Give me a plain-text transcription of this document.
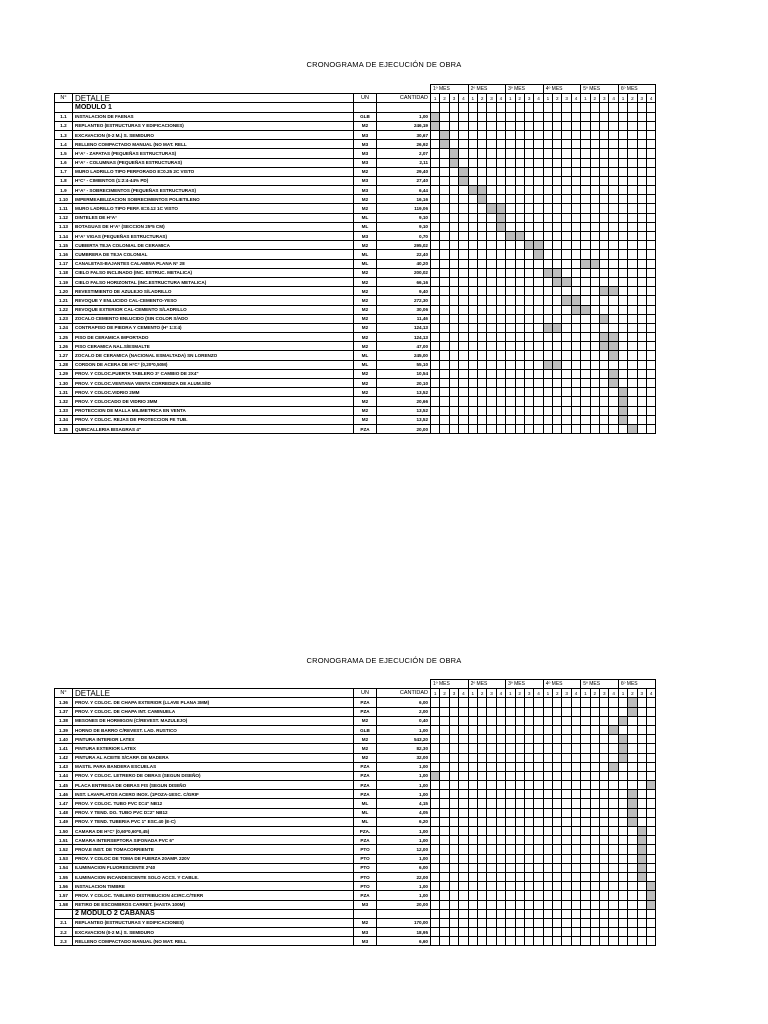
CRONOGRAMA DE EJECUCIÓN DE OBRA
				1º MES				2º MES				3º MES				4º MES				5º MES				6º MES			
N°	DETALLE	UN	CANTIDAD	1	2	3	4	1	2	3	4	1	2	3	4	1	2	3	4	1	2	3	4	1	2	3	4
	MODULO 1																										
1.1	INSTALACION DE FAENAS	GLB	1,00																								
1.2	REPLANTEO (ESTRUCTURAS Y EDIFICACIONES)	M2	246,19																								
1.3	EXCAVACION (0-2 M.) S. SEMIDURO	M3	30,67																								
1.4	RELLENO COMPACTADO MANUAL (NO MAT. RELL	M3	26,92																								
1.5	H°A° - ZAPATAS (PEQUEÑAS ESTRUCTURAS)	M3	2,07																								
1.6	H°A° - COLUMNAS (PEQUEÑAS ESTRUCTURAS)	M3	2,11																								
1.7	MURO LADRILLO TIPO PERFORADO E=0.25 2C VISTO	M2	29,40																								
1.8	H°C° - CIMIENTOS (1:2:4-44% PD)	M3	27,40																								
1.9	H°A° - SOBRECIMENTOS (PEQUEÑAS ESTRUCTURAS)	M3	6,44																								
1.10	IMPERMEABILIZACION SOBRECIMENTOS POLIETILENO	M2	16,16																								
1.11	MURO LADRILLO TIPO PERF. E=0.12 1C VISTO	M2	119,06																								
1.12	DINTELES DE H°A°	ML	9,10																								
1.13	BOTAGUAS DE H°A° (SECCION 25*5 CM)	ML	9,10																								
1.14	H°A° VIGAS (PEQUEÑAS ESTRUCTURAS)	M3	0,70																								
1.15	CUBIERTA TEJA COLONIAL DE CERAMICA	M2	295,02																								
1.16	CUMBRERA DE TEJA COLONIAL	ML	22,40																								
1.17	CANALETAS-BAJANTES CALAMINA PLANA N° 28	ML	40,20																								
1.18	CIELO FALSO INCLINADO (INC. ESTRUC. METALICA)	M2	200,02																								
1.19	CIELO FALSO HORIZONTAL (INC.ESTRUCTURA METALICA)	M2	66,16																								
1.20	REVESTIMIENTO DE AZULEJO S/LADRILLO	M2	9,40																								
1.21	REVOQUE Y ENLUCIDO CAL-CEMENTO-YESO	M2	272,30																								
1.22	REVOQUE EXTERIOR CAL-CEMENTO S/LADRILLO	M2	30,06																								
1.23	ZOCALO CEMENTO ENLUCIDO (SIN COLOR S/ADO	M2	11,46																								
1.24	CONTRAPISO DE PIEDRA Y CEMENTO (H° 1:3:4)	M2	124,13																								
1.25	PISO DE CERAMICA IMPORTADO	M2	124,13																								
1.26	PISO CERAMICA NAL.S/ESMALTE	M2	47,00																								
1.27	ZOCALO DE CERAMICA (NACIONAL ESMALTADA) SN LORENZO	ML	245,00																								
1.28	CORDON DE ACERA DE H°C° (0,20*0,50M)	ML	55,10																								
1.29	PROV. Y COLOC.PUERTA TABLERO 3° CAMBIO DE 2X4"	M2	10,54																								
1.30	PROV. Y COLOC.VENTANA VENTA CORREDIZA DE ALUM.S/ID	M2	20,10																								
1.31	PROV. Y COLOC.VIDRIO 2MM	M2	13,52																								
1.32	PROV. Y COLOCADO DE VIDRIO 3MM	M2	20,66																								
1.33	PROTECCION DE MALLA MILIMETRICA EN VENTA	M2	13,52																								
1.34	PROV. Y COLOC. REJAS DE PROTECCION FE TUB.	M2	13,52																								
1.35	QUINCALLERIA BISAGRAS 4"	PZA	20,00																								
CRONOGRAMA DE EJECUCIÓN DE OBRA
				1º MES				2º MES				3º MES				4º MES				5º MES				6º MES			
N°	DETALLE	UN	CANTIDAD	1	2	3	4	1	2	3	4	1	2	3	4	1	2	3	4	1	2	3	4	1	2	3	4
1.36	PROV. Y COLOC. DE CHAPA EXTERIOR (LLAVE PLANA 3MM)	PZA	6,00																								
1.37	PROV. Y COLOC. DE CHAPA INT. CAMINUELA	PZA	2,00																								
1.38	MESONES DE HORMIGON (C/REVEST. MAZULEJO)	M2	0,40																								
1.39	HORNO DE BARRO C/REVEST. LAD. RUSTICO	GLB	1,00																								
1.40	PINTURA INTERIOR LATEX	M2	543,20																								
1.41	PINTURA EXTERIOR LATEX	M2	82,30																								
1.42	PINTURA AL ACEITE S/CARP. DE MADERA	M2	32,00																								
1.43	MASTIL PARA BANDERA ESCUELAS	PZA	1,00																								
1.44	PROV. Y COLOC. LETRERO DE OBRAS (SEGUN DISEÑO)	PZA	1,00																								
1.45	PLACA ENTREGA DE OBRAS FIS (SEGUN DISEÑO	PZA	1,00																								
1.46	INST. LAVAPLATOS ACERO INOX. (1POZA-1ESC. C/GRIF	PZA	1,00																								
1.47	PROV. Y COLOC. TUBO PVC D=4" NB12	ML	4,15																								
1.48	PROV. Y TEND. DO. TUBO PVC D=2" NB12	ML	4,05																								
1.49	PROV. Y TEND. TUBERIA PVC 1" ESC.40 (E-C)	ML	6,20																								
1.50	CAMARA DE H°C° (0,60*0,60*0,45)	PZA.	1,00																								
1.51	CAMARA INTERSEPTORA SIFONADA PVC 6"	PZA	1,00																								
1.52	PROV.E INST. DE TOMACORRIENTE	PTO	12,00																								
1.53	PROV. Y COLOC DE TOMA DE FUERZA 20AMP. 220V	PTO	1,00																								
1.54	ILUMINACION FLUORESCENTE 2*40	PTO	6,00																								
1.55	ILUMINACION INCANDESCENTE SOLO ACCS. Y CABLE.	PTO	22,00																								
1.56	INSTALACION TIMBRE	PTO	1,00																								
1.57	PROV. Y COLOC. TABLERO DISTRIBUCION 4CIRC.C/TERR	PZA	1,00																								
1.58	RETIRO DE ESCOMBROS CARRET. (HASTA 100M)	M3	20,00																								
	2 MODULO 2 CABAÑAS																										
2.1	REPLANTEO (ESTRUCTURAS Y EDIFICACIONES)	M2	170,00																								
2.2	EXCAVACION (0-2 M.) S. SEMIDURO	M3	18,95																								
2.3	RELLENO COMPACTADO MANUAL (NO MAT. RELL	M3	6,60																								
